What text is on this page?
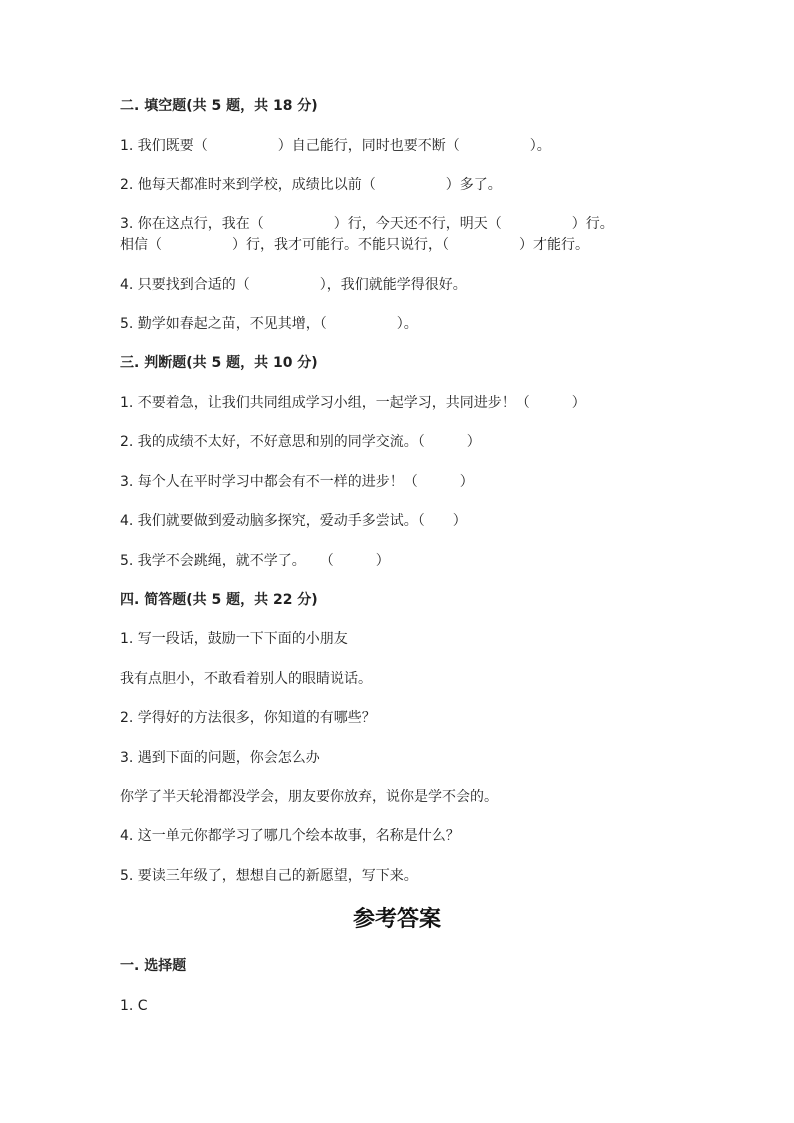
二. 填空题(共 5 题，共 18 分)
1. 我们既要（　　　　　）自己能行，同时也要不断（　　　　　）。
2. 他每天都准时来到学校，成绩比以前（　　　　　）多了。
3. 你在这点行，我在（　　　　　）行，今天还不行，明天（　　　　　）行。
相信（　　　　　）行，我才可能行。不能只说行，（　　　　　）才能行。
4. 只要找到合适的（　　　　　），我们就能学得很好。
5. 勤学如春起之苗，不见其增，（　　　　　）。
三. 判断题(共 5 题，共 10 分)
1. 不要着急，让我们共同组成学习小组，一起学习，共同进步！（　　　）
2. 我的成绩不太好，不好意思和别的同学交流。（　　　）
3. 每个人在平时学习中都会有不一样的进步！（　　　）
4. 我们就要做到爱动脑多探究，爱动手多尝试。（　　）
5. 我学不会跳绳，就不学了。　　（　　　）
四. 简答题(共 5 题，共 22 分)
1. 写一段话，鼓励一下下面的小朋友
我有点胆小，不敢看着别人的眼睛说话。
2. 学得好的方法很多，你知道的有哪些？
3. 遇到下面的问题，你会怎么办
你学了半天轮滑都没学会，朋友要你放弃，说你是学不会的。
4. 这一单元你都学习了哪几个绘本故事，名称是什么？
5. 要读三年级了，想想自己的新愿望，写下来。
参考答案
一. 选择题
1. C
